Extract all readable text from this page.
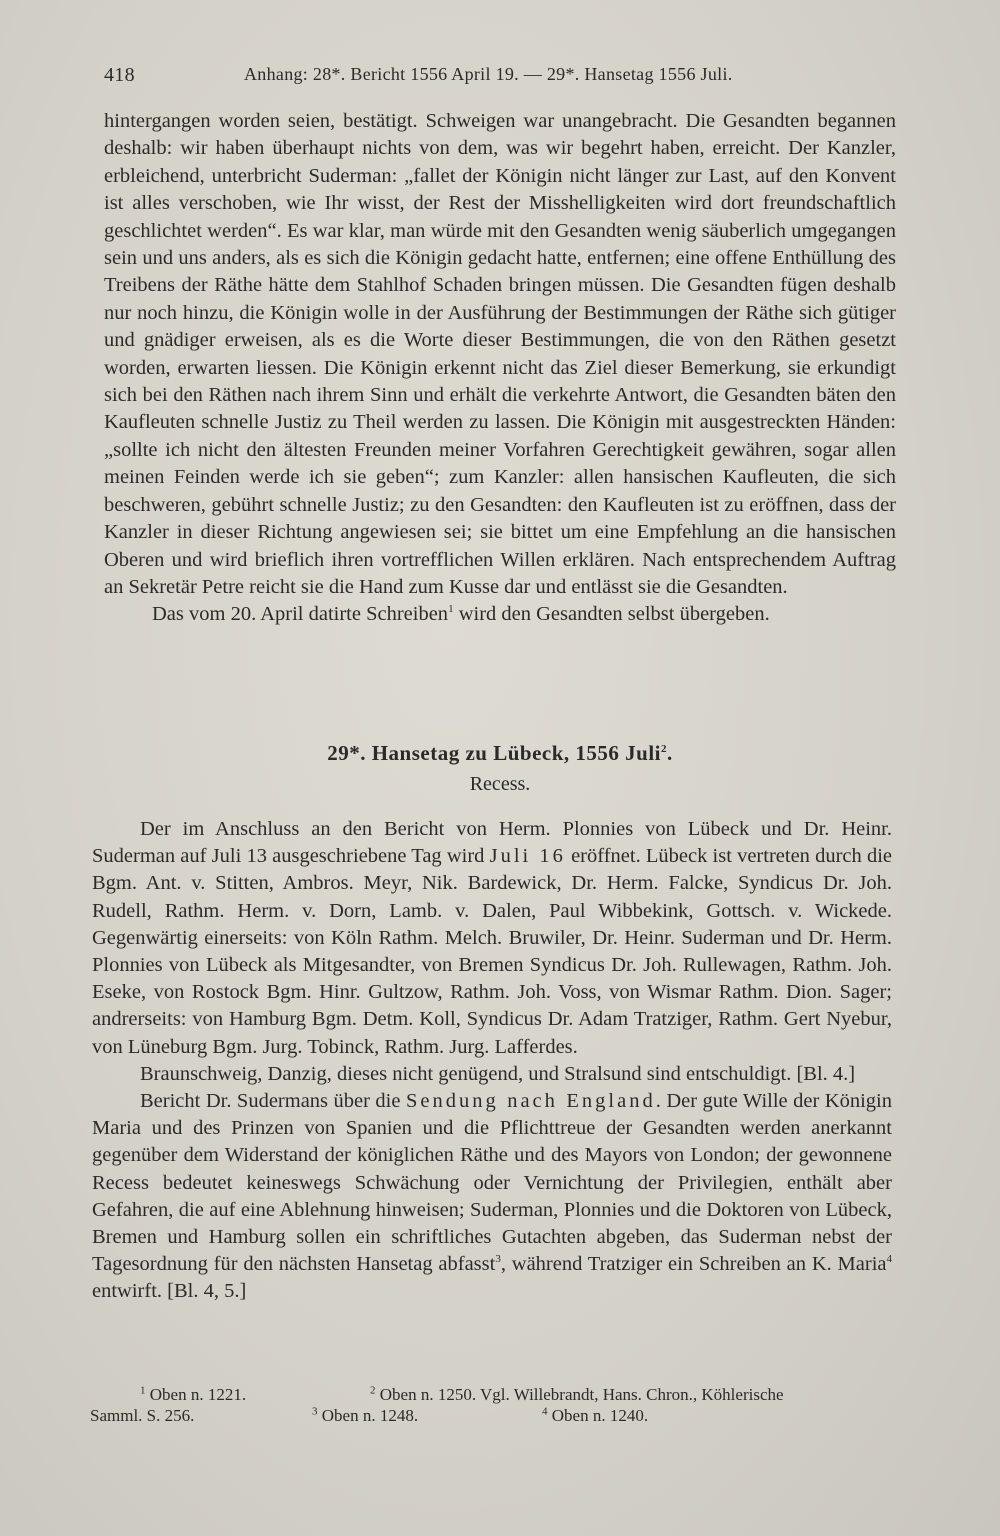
418	Anhang: 28*. Bericht 1556 April 19. — 29*. Hansetag 1556 Juli.

hintergangen worden seien, bestätigt. Schweigen war unangebracht. Die Gesandten begannen deshalb: wir haben überhaupt nichts von dem, was wir begehrt haben, erreicht. Der Kanzler, erbleichend, unterbricht Suderman: „fallet der Königin nicht länger zur Last, auf den Konvent ist alles verschoben, wie Ihr wisst, der Rest der Misshelligkeiten wird dort freundschaftlich geschlichtet werden“. Es war klar, man würde mit den Gesandten wenig säuberlich umgegangen sein und uns anders, als es sich die Königin gedacht hatte, entfernen; eine offene Enthüllung des Treibens der Räthe hätte dem Stahlhof Schaden bringen müssen. Die Gesandten fügen deshalb nur noch hinzu, die Königin wolle in der Ausführung der Bestimmungen der Räthe sich gütiger und gnädiger erweisen, als es die Worte dieser Bestimmungen, die von den Räthen gesetzt worden, erwarten liessen. Die Königin erkennt nicht das Ziel dieser Bemerkung, sie erkundigt sich bei den Räthen nach ihrem Sinn und erhält die verkehrte Antwort, die Gesandten bäten den Kaufleuten schnelle Justiz zu Theil werden zu lassen. Die Königin mit ausgestreckten Händen: „sollte ich nicht den ältesten Freunden meiner Vorfahren Gerechtigkeit gewähren, sogar allen meinen Feinden werde ich sie geben“; zum Kanzler: allen hansischen Kaufleuten, die sich beschweren, gebührt schnelle Justiz; zu den Gesandten: den Kaufleuten ist zu eröffnen, dass der Kanzler in dieser Richtung angewiesen sei; sie bittet um eine Empfehlung an die hansischen Oberen und wird brieflich ihren vortrefflichen Willen erklären. Nach entsprechendem Auftrag an Sekretär Petre reicht sie die Hand zum Kusse dar und entlässt sie die Gesandten.

Das vom 20. April datirte Schreiben$^1$ wird den Gesandten selbst übergeben.

29*. Hansetag zu Lübeck, 1556 Juli$^2$.
Recess.

Der im Anschluss an den Bericht von Herm. Plonnies von Lübeck und Dr. Heinr. Suderman auf Juli 13 ausgeschriebene Tag wird Juli 16 eröffnet. Lübeck ist vertreten durch die Bgm. Ant. v. Stitten, Ambros. Meyr, Nik. Bardewick, Dr. Herm. Falcke, Syndicus Dr. Joh. Rudell, Rathm. Herm. v. Dorn, Lamb. v. Dalen, Paul Wibbekink, Gottsch. v. Wickede. Gegenwärtig einerseits: von Köln Rathm. Melch. Bruwiler, Dr. Heinr. Suderman und Dr. Herm. Plonnies von Lübeck als Mitgesandter, von Bremen Syndicus Dr. Joh. Rullewagen, Rathm. Joh. Eseke, von Rostock Bgm. Hinr. Gultzow, Rathm. Joh. Voss, von Wismar Rathm. Dion. Sager; andrerseits: von Hamburg Bgm. Detm. Koll, Syndicus Dr. Adam Tratziger, Rathm. Gert Nyebur, von Lüneburg Bgm. Jurg. Tobinck, Rathm. Jurg. Lafferdes.

Braunschweig, Danzig, dieses nicht genügend, und Stralsund sind entschuldigt. [Bl. 4.]

Bericht Dr. Sudermans über die Sendung nach England. Der gute Wille der Königin Maria und des Prinzen von Spanien und die Pflichttreue der Gesandten werden anerkannt gegenüber dem Widerstand der königlichen Räthe und des Mayors von London; der gewonnene Recess bedeutet keineswegs Schwächung oder Vernichtung der Privilegien, enthält aber Gefahren, die auf eine Ablehnung hinweisen; Suderman, Plonnies und die Doktoren von Lübeck, Bremen und Hamburg sollen ein schriftliches Gutachten abgeben, das Suderman nebst der Tagesordnung für den nächsten Hansetag abfasst$^3$, während Tratziger ein Schreiben an K. Maria$^4$ entwirft. [Bl. 4, 5.]

$^1$ Oben n. 1221.	$^2$ Oben n. 1250. Vgl. Willebrandt, Hans. Chron., Köhlerische
Samml. S. 256.	$^3$ Oben n. 1248.	$^4$ Oben n. 1240.
